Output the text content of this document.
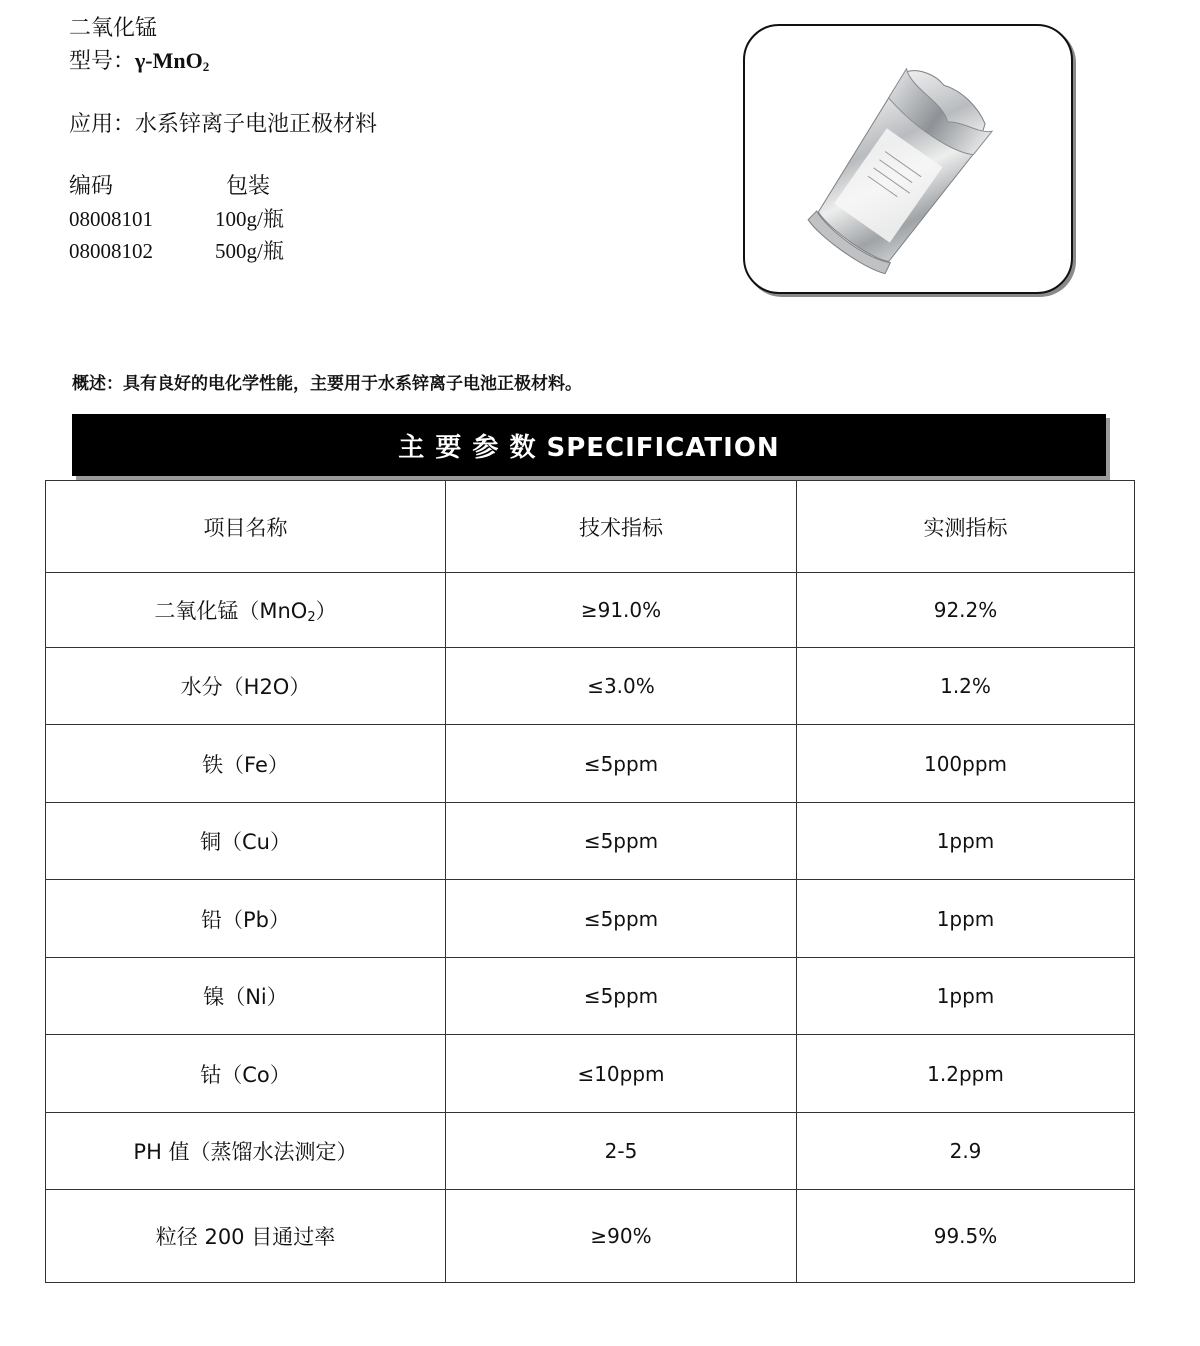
二氧化锰
型号：γ-MnO2
应用：水系锌离子电池正极材料
编码	包装
08008101	100g/瓶
08008102	500g/瓶
概述：具有良好的电化学性能，主要用于水系锌离子电池正极材料。
主 要 参 数 SPECIFICATION
项目名称	技术指标	实测指标
二氧化锰（MnO2）	≥91.0%	92.2%
水分（H2O）	≤3.0%	1.2%
铁（Fe）	≤5ppm	100ppm
铜（Cu）	≤5ppm	1ppm
铅（Pb）	≤5ppm	1ppm
镍（Ni）	≤5ppm	1ppm
钴（Co）	≤10ppm	1.2ppm
PH 值（蒸馏水法测定）	2-5	2.9
粒径 200 目通过率	≥90%	99.5%
